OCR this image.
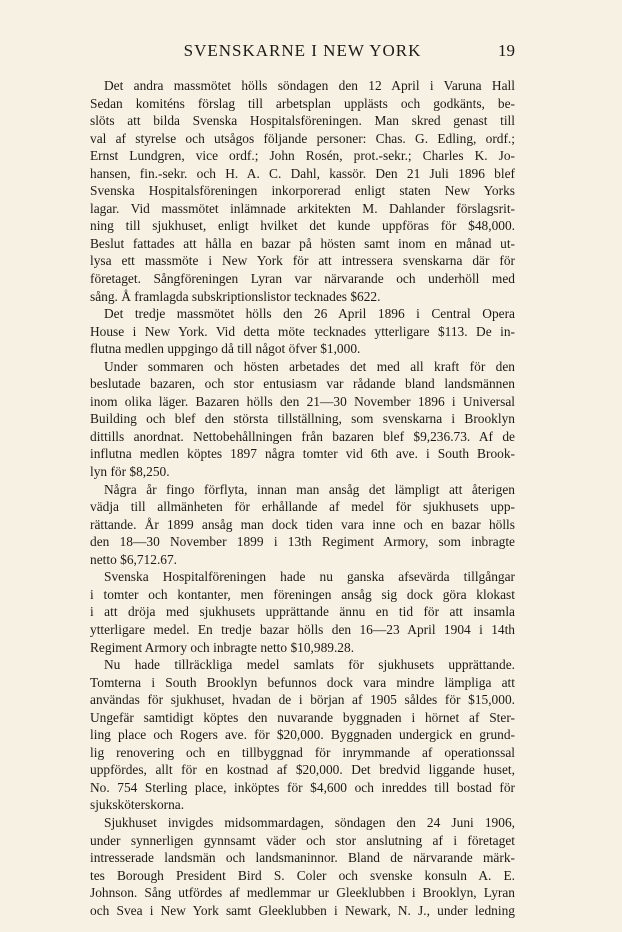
SVENSKARNE I NEW YORK	19
Det andra massmötet hölls söndagen den 12 April i Varuna Hall
Sedan komiténs förslag till arbetsplan upplästs och godkänts, be-
slöts att bilda Svenska Hospitalsföreningen. Man skred genast till
val af styrelse och utsågos följande personer: Chas. G. Edling, ordf.;
Ernst Lundgren, vice ordf.; John Rosén, prot.-sekr.; Charles K. Jo-
hansen, fin.-sekr. och H. A. C. Dahl, kassör. Den 21 Juli 1896 blef
Svenska Hospitalsföreningen inkorporerad enligt staten New Yorks
lagar. Vid massmötet inlämnade arkitekten M. Dahlander förslagsrit-
ning till sjukhuset, enligt hvilket det kunde uppföras för $48,000.
Beslut fattades att hålla en bazar på hösten samt inom en månad ut-
lysa ett massmöte i New York för att intressera svenskarna där för
företaget. Sångföreningen Lyran var närvarande och underhöll med
sång. Å framlagda subskriptionslistor tecknades $622.
Det tredje massmötet hölls den 26 April 1896 i Central Opera
House i New York. Vid detta möte tecknades ytterligare $113. De in-
flutna medlen uppgingo då till något öfver $1,000.
Under sommaren och hösten arbetades det med all kraft för den
beslutade bazaren, och stor entusiasm var rådande bland landsmännen
inom olika läger. Bazaren hölls den 21—30 November 1896 i Universal
Building och blef den största tillställning, som svenskarna i Brooklyn
dittills anordnat. Nettobehållningen från bazaren blef $9,236.73. Af de
influtna medlen köptes 1897 några tomter vid 6th ave. i South Brook-
lyn för $8,250.
Några år fingo förflyta, innan man ansåg det lämpligt att återigen
vädja till allmänheten för erhållande af medel för sjukhusets upp-
rättande. År 1899 ansåg man dock tiden vara inne och en bazar hölls
den 18—30 November 1899 i 13th Regiment Armory, som inbragte
netto $6,712.67.
Svenska Hospitalföreningen hade nu ganska afsevärda tillgångar
i tomter och kontanter, men föreningen ansåg sig dock göra klokast
i att dröja med sjukhusets upprättande ännu en tid för att insamla
ytterligare medel. En tredje bazar hölls den 16—23 April 1904 i 14th
Regiment Armory och inbragte netto $10,989.28.
Nu hade tillräckliga medel samlats för sjukhusets upprättande.
Tomterna i South Brooklyn befunnos dock vara mindre lämpliga att
användas för sjukhuset, hvadan de i början af 1905 såldes för $15,000.
Ungefär samtidigt köptes den nuvarande byggnaden i hörnet af Ster-
ling place och Rogers ave. för $20,000. Byggnaden undergick en grund-
lig renovering och en tillbyggnad för inrymmande af operationssal
uppfördes, allt för en kostnad af $20,000. Det bredvid liggande huset,
No. 754 Sterling place, inköptes för $4,600 och inreddes till bostad för
sjuksköterskorna.
Sjukhuset invigdes midsommardagen, söndagen den 24 Juni 1906,
under synnerligen gynnsamt väder och stor anslutning af i företaget
intresserade landsmän och landsmaninnor. Bland de närvarande märk-
tes Borough President Bird S. Coler och svenske konsuln A. E.
Johnson. Sång utfördes af medlemmar ur Gleeklubben i Brooklyn, Lyran
och Svea i New York samt Gleeklubben i Newark, N. J., under ledning
